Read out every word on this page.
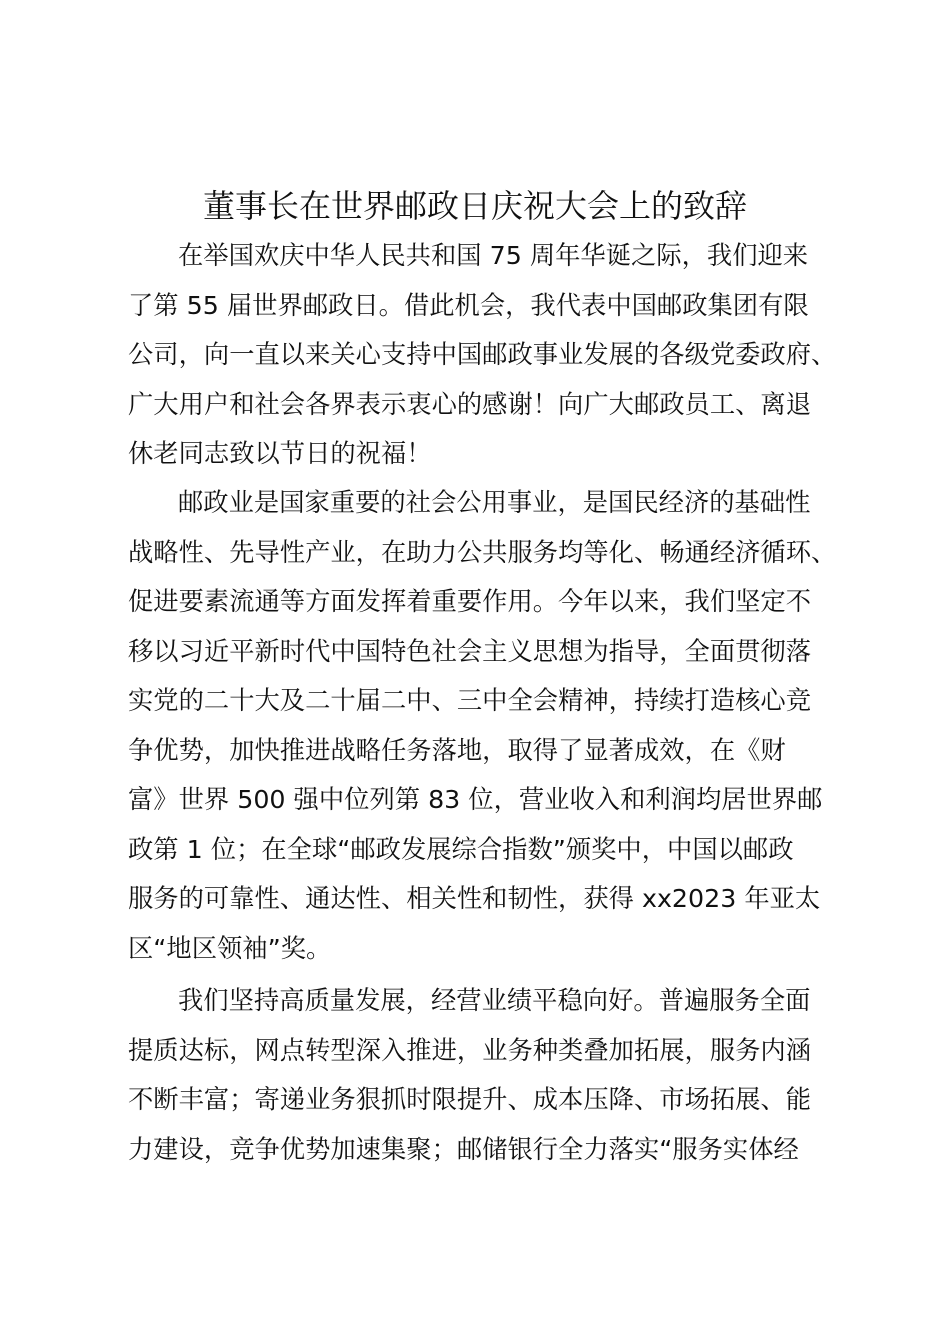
董事长在世界邮政日庆祝大会上的致辞
在举国欢庆中华人民共和国 75 周年华诞之际，我们迎来
了第 55 届世界邮政日。借此机会，我代表中国邮政集团有限
公司，向一直以来关心支持中国邮政事业发展的各级党委政府、
广大用户和社会各界表示衷心的感谢！向广大邮政员工、离退
休老同志致以节日的祝福！
邮政业是国家重要的社会公用事业，是国民经济的基础性
战略性、先导性产业，在助力公共服务均等化、畅通经济循环、
促进要素流通等方面发挥着重要作用。今年以来，我们坚定不
移以习近平新时代中国特色社会主义思想为指导，全面贯彻落
实党的二十大及二十届二中、三中全会精神，持续打造核心竞
争优势，加快推进战略任务落地，取得了显著成效，在《财
富》世界 500 强中位列第 83 位，营业收入和利润均居世界邮
政第 1 位；在全球“邮政发展综合指数”颁奖中，中国以邮政
服务的可靠性、通达性、相关性和韧性，获得 xx2023 年亚太
区“地区领袖”奖。
我们坚持高质量发展，经营业绩平稳向好。普遍服务全面
提质达标，网点转型深入推进，业务种类叠加拓展，服务内涵
不断丰富；寄递业务狠抓时限提升、成本压降、市场拓展、能
力建设，竞争优势加速集聚；邮储银行全力落实“服务实体经
